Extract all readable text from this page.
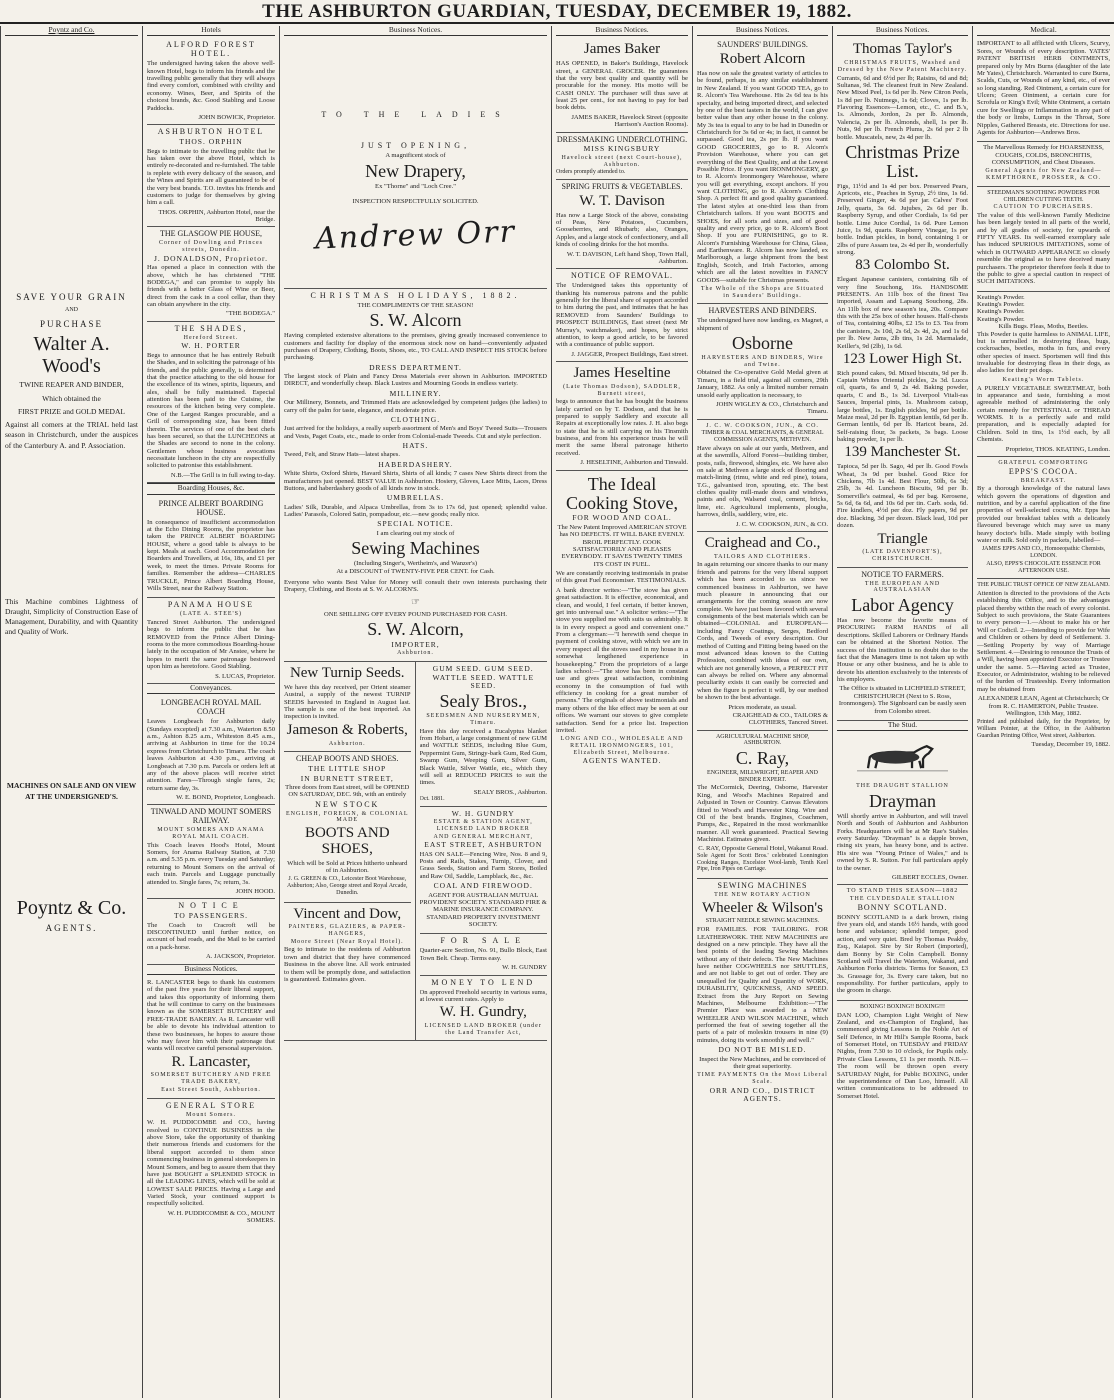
THE ASHBURTON GUARDIAN, TUESDAY, DECEMBER 19, 1882.
Poyntz and Co.
SAVE YOUR GRAIN
AND
PURCHASE
Walter A. Wood's
TWINE REAPER AND BINDER,
Which obtained the
FIRST PRIZE and GOLD MEDAL
Against all comers at the TRIAL held last season in Christchurch, under the auspices of the Canterbury A. and P. Association.
This Machine combines Lightness of Draught, Simplicity of Construction Ease of Management, Durability, and with Quantity and Quality of Work.
MACHINES ON SALE AND ON VIEW AT THE UNDERSIGNED'S.
Poyntz & Co.
AGENTS.
Hotels
ALFORD FOREST HOTEL.

The undersigned having taken the above well-known Hotel, begs to inform his friends and the travelling public generally that they will always find every comfort, combined with civility and economy. Wines, Beer, and Spirits of the choicest brands, &c. Good Stabling and Loose Paddocks.

JOHN BOWICK, Proprietor.
ASHBURTON HOTEL
THOS. ORPHIN

Begs to intimate to the travelling public that he has taken over the above Hotel, which is entirely re-decorated and re-furnished. The table is replete with every delicacy of the season, and the Wines and Spirits are all guaranteed to be of the very best brands. T.O. invites his friends and customers to judge for themselves by giving him a call.

THOS. ORPHIN, Ashburton Hotel, near the Bridge.
THE GLASGOW PIE HOUSE,
Corner of Dowling and Princes streets, Dunedin.
J. DONALDSON, Proprietor.

Has opened a place in connection with the above, which he has christened "THE BODEGA," and can promise to supply his friends with a better Glass of Wine or Beer, direct from the cask in a cool cellar, than they can obtain anywhere in the city.

"THE BODEGA."
THE SHADES,
Hereford Street.
W. H. PORTER

Begs to announce that he has entirely Rebuilt the Shades, and in soliciting the patronage of his friends, and the public generally, is determined that the practice attaching to the old house for the excellence of its wines, spirits, liqueurs, and ales, shall be fully maintained. Especial attention has been paid to the Cuisine, the resources of the kitchen being very complete. One of the Largest Ranges procurable, and a Grill of corresponding size, has been fitted therein. The services of one of the best chefs has been secured, so that the LUNCHEONS at the Shades are second to none in the colony. Gentlemen whose business avocations necessitate luncheon in the city are respectfully solicited to patronise this establishment.

N.B.—The Grill is in full swing to-day.
Boarding Houses, &c.
PRINCE ALBERT BOARDING HOUSE.

In consequence of insufficient accommodation at the Echo Dining Rooms, the proprietor has taken the PRINCE ALBERT BOARDING HOUSE, where a good table is always to be kept. Meals at each. Good Accommodation for Boarders and Travellers, at 16s, 18s, and £1 per week, to meet the times. Private Rooms for families. Remember the address—CHARLES TRUCKLE, Prince Albert Boarding House, Wills Street, near the Railway Station.

PANAMA HOUSE
(LATE A. STEE'S)

Tancred Street Ashburton. The undersigned begs to inform the public that he has REMOVED from the Prince Albert Dining-rooms to the more commodious Boarding-house lately in the occupation of Mr Anstee, where he hopes to merit the same patronage bestowed upon him as heretofore. Good Stabling.

S. LUCAS, Proprietor.
Conveyances.
LONGBEACH ROYAL MAIL COACH

Leaves Longbeach for Ashburton daily (Sundays excepted) at 7.30 a.m., Waterton 8.50 a.m., Ashton 8.25 a.m., Whiteston 8.45 a.m., arriving at Ashburton in time for the 10.24 express from Christchurch to Timaru. The coach leaves Ashburton at 4.30 p.m., arriving at Longbeach at 7.30 p.m. Parcels or orders left at any of the above places will receive strict attention. Fares—Through single fares, 2s; return same day, 3s.

W. E. BOND, Proprietor, Longbeach.
TINWALD AND MOUNT SOMERS RAILWAY.
MOUNT SOMERS AND ANAMA ROYAL MAIL COACH.

This Coach leaves Hood's Hotel, Mount Somers, for Anama Railway Station, at 7.30 a.m. and 5.35 p.m. every Tuesday and Saturday; returning to Mount Somers on the arrival of each train. Parcels and Luggage punctually attended to. Single fares, 7s; return, 3s.

JOHN HOOD.
NOTICE
TO PASSENGERS.

The Coach to Cracroft will be DISCONTINUED until further notice, on account of bad roads, and the Mail to be carried on a pack-horse.

A. JACKSON, Proprietor.
Business Notices.

R. LANCASTER begs to thank his customers of the past five years for their liberal support, and takes this opportunity of informing them that he will continue to carry on the businesses known as the SOMERSET BUTCHERY and FREE-TRADE BAKERY. As R. Lancaster will be able to devote his individual attention to these two businesses, he hopes to assure those who may favor him with their patronage that wants will receive careful personal supervision.

R. Lancaster,
SOMERSET BUTCHERY AND FREE TRADE BAKERY,
East Street South, Ashburton.
GENERAL STORE
Mount Somers.

W. H. PUDDICOMBE and CO., having resolved to CONTINUE BUSINESS in the above Store, take the opportunity of thanking their numerous friends and customers for the liberal support accorded to them since commencing business in general storekeepers in Mount Somers, and beg to assure them that they have just BOUGHT a SPLENDID STOCK in all the LEADING LINES, which will be sold at LOWEST SALE PRICES. Having a Large and Varied Stock, your continued support is respectfully solicited.

W. H. PUDDICOMBE & CO., MOUNT SOMERS.
Business Notices.
TO THE LADIES
JUST OPENING,
A magnificent stock of
New Drapery,
Ex "Thorne" and "Loch Cree."
INSPECTION RESPECTFULLY SOLICITED.
Andrew Orr
CHRISTMAS HOLIDAYS, 1882.
THE COMPLIMENTS OF THE SEASON!
S. W. Alcorn

Having completed extensive alterations to the premises, giving greatly increased convenience to customers and facility for display of the enormous stock now on hand—conveniently adjusted purchases of Drapery, Clothing, Boots, Shoes, etc., TO CALL AND INSPECT HIS STOCK before purchasing.

DRESS DEPARTMENT.

The largest stock of Plain and Fancy Dress Materials ever shown in Ashburton. IMPORTED DIRECT, and wonderfully cheap. Black Lustres and Mourning Goods in endless variety.

MILLINERY.

Our Millinery, Bonnets, and Trimmed Hats are acknowledged by competent judges (the ladies) to carry off the palm for taste, elegance, and moderate price.

CLOTHING.

Just arrived for the holidays, a really superb assortment of Men's and Boys' Tweed Suits—Trousers and Vests, Paget Coats, etc., made to order from Colonial-made Tweeds. Cut and style perfection.

HATS.

Tweed, Felt, and Straw Hats—latest shapes.

HABERDASHERY.

White Shirts, Oxford Shirts, Havard Shirts, Shirts of all kinds; 7 cases New Shirts direct from the manufacturers just opened. BEST VALUE in Ashburton. Hosiery, Gloves, Lace Mitts, Laces, Dress Buttons, and haberdashery goods of all kinds now in stock.

UMBRELLAS.

Ladies' Silk, Durable, and Alpaca Umbrellas, from 3s to 17s 6d, just opened; splendid value. Ladies' Parasols, Colored Satin, pompadour, etc.—new goods; really nice.

SPECIAL NOTICE.
I am clearing out my stock of
Sewing Machines
(Including Singer's, Wertheim's, and Wanzer's)
At a DISCOUNT of TWENTY-FIVE PER CENT. for Cash.

Everyone who wants Best Value for Money will consult their own interests purchasing their Drapery, Clothing, and Boots at S. W. ALCORN'S.

☞
ONE SHILLING OFF EVERY POUND PURCHASED FOR CASH.
S. W. Alcorn,
IMPORTER,
Ashburton.
New Turnip Seeds.

We have this day received, per Orient steamer Austral, a supply of the newest TURNIP SEEDS harvested in England in August last. The sample is one of the best imported. An inspection is invited.

Jameson & Roberts,
Ashburton.
CHEAP BOOTS AND SHOES.
THE LITTLE SHOP
IN BURNETT STREET,

Three doors from East street, will be OPENED ON SATURDAY, DEC. 9th, with an entirely

NEW STOCK
ENGLISH, FOREIGN, & COLONIAL MADE
BOOTS AND SHOES,

Which will be Sold at Prices hitherto unheard of in Ashburton.

J. G. GREEN & CO., Leicester Boot Warehouse, Ashburton; Also, George street and Royal Arcade, Dunedin.

Vincent and Dow,
PAINTERS, GLAZIERS, & PAPER-HANGERS,
Moore Street (Near Royal Hotel).

Beg to intimate to the residents of Ashburton town and district that they have commenced Business in the above line. All work entrusted to them will be promptly done, and satisfaction is guaranteed. Estimates given.

GUM SEED. GUM SEED. WATTLE SEED. WATTLE SEED.
Sealy Bros.,
SEEDSMEN AND NURSERYMEN, Timaru.

Have this day received a Eucalyptus blanket from Hobart, a large consignment of new GUM and WATTLE SEEDS, including Blue Gum, Peppermint Gum, Stringy-bark Gum, Red Gum, Swamp Gum, Weeping Gum, Silver Gum, Black Wattle, Silver Wattle, etc., which they will sell at REDUCED PRICES to suit the times.

SEALY BROS., Ashburton.
Oct. 1881.
W. H. GUNDRY
ESTATE & STATION AGENT, LICENSED LAND BROKER
AND GENERAL MERCHANT,
EAST STREET, ASHBURTON

HAS ON SALE—Fencing Wire, Nos. 8 and 9, Posts and Rails, Stakes, Turnip, Clover, and Grass Seeds, Station and Farm Stores, Boiled and Raw Oil, Saddle, Lampblack, &c., &c.

COAL AND FIREWOOD.

AGENT FOR AUSTRALIAN MUTUAL PROVIDENT SOCIETY. STANDARD FIRE & MARINE INSURANCE COMPANY. STANDARD PROPERTY INVESTMENT SOCIETY.

FOR SALE

Quarter-acre Section, No. 91, Bullo Block, East Town Belt. Cheap. Terms easy.

W. H. GUNDRY
MONEY TO LEND

On approved Freehold security in various sums, at lowest current rates. Apply to

W. H. Gundry,
LICENSED LAND BROKER (under the Land Transfer Act,
Business Notices.
James Baker

HAS OPENED, in Baker's Buildings, Havelock street, a GENERAL GROCER. He guarantees that the very best quality and quantity will be procurable for the money. His motto will be CASH ONLY. The purchaser will thus save at least 25 per cent., for not having to pay for bad book debts.

JAMES BAKER, Havelock Street (opposite Harrison's Auction Rooms).
DRESSMAKING UNDERCLOTHING.
MISS KINGSBURY
Havelock street (next Court-house), Ashburton.
Orders promptly attended to.
SPRING FRUITS & VEGETABLES.
W. T. Davison

Has now a Large Stock of the above, consisting of Peas, New Potatoes, Cucumbers, Gooseberries, and Rhubarb; also, Oranges, Apples, and a large stock of confectionery, and all kinds of cooling drinks for the hot months.

W. T. DAVISON, Left hand Shop, Town Hall, Ashburton.
NOTICE OF REMOVAL.

The Undersigned takes this opportunity of thanking his numerous patrons and the public generally for the liberal share of support accorded to him during the past, and intimates that he has REMOVED from Saunders' Buildings to PROSPECT BUILDINGS, East street (next Mr Murray's, watchmaker), and hopes, by strict attention, to keep a good article, to be favored with a continuance of public support.

J. JAGGER, Prospect Buildings, East street.
James Heseltine
(Late Thomas Dodson), SADDLER, Burnett street,

begs to announce that he has bought the business lately carried on by T. Dodson, and that he is prepared to supply Saddlery and execute all Repairs at exceptionally low rates. J. H. also begs to state that he is still carrying on his Tinsmith business, and from his experience trusts he will merit the same liberal patronage hitherto received.

J. HESELTINE, Ashburton and Tinwald.
The Ideal Cooking Stove,
FOR WOOD AND COAL.

The New Patent Improved AMERICAN STOVE has NO DEFECTS. IT WILL BAKE EVENLY. BROIL PERFECTLY. COOK SATISFACTORILY AND PLEASES EVERYBODY. IT SAVES TWENTY TIMES ITS COST IN FUEL.

We are constantly receiving testimonials in praise of this great Fuel Economiser. TESTIMONIALS.

A bank director writes:—"The stove has given great satisfaction. It is effective, economical, and clean, and would, I feel certain, if better known, get into universal use." A solicitor writes:—"The stove you supplied me with suits us admirably. It is in every respect a good and convenient one." From a clergyman:—"I herewith send cheque in payment of cooking stove, with which we are in every respect all the stoves used in my house in a somewhat lengthened experience in housekeeping." From the proprietors of a large ladies school:—"The stove has been in constant use and gives great satisfaction, combining economy in the consumption of fuel with efficiency in cooking for a great number of persons." The originals of above testimonials and many others of the like effect may be seen at our offices. We warrant our stoves to give complete satisfaction. Send for a price list. Inspection invited.

LONG AND CO., WHOLESALE AND RETAIL IRONMONGERS, 101, Elizabeth Street, Melbourne.
AGENTS WANTED.
Business Notices.
SAUNDERS' BUILDINGS.
Robert Alcorn

Has now on sale the greatest variety of articles to be found, perhaps, in any similar establishment in New Zealand. If you want GOOD TEA, go to R. Alcorn's Tea Warehouse. His 2s 6d tea is his specialty, and being imported direct, and selected by one of the best tasters in the world, I can give better value than any other house in the colony. My 3s tea is equal to any to be had in Dunedin or Christchurch for 3s 6d or 4s; in fact, it cannot be surpassed. Good tea, 2s per lb. If you want GOOD GROCERIES, go to R. Alcorn's Provision Warehouse, where you can get everything of the Best Quality, and at the Lowest Possible Price. If you want IRONMONGERY, go to R. Alcorn's Ironmongery Warehouse, where you will get everything, except anchors. If you want CLOTHING, go to R. Alcorn's Clothing Shop. A perfect fit and good quality guaranteed. The latest styles at one-third less than from Christchurch tailors. If you want BOOTS and SHOES, for all sorts and sizes, and of good quality and every price, go to R. Alcorn's Boot Shop. If you are FURNISHING, go to R. Alcorn's Furnishing Warehouse for China, Glass, and Earthenware. R. Alcorn has now landed, ex Marlborough, a large shipment from the best English, Scotch, and Irish Factories, among which are all the latest novelties in FANCY GOODS—suitable for Christmas presents.

The Whole of the Shops are Situated in Saunders' Buildings.
HARVESTERS AND BINDERS.

The undersigned have now landing, ex Magnet, a shipment of

Osborne
HARVESTERS AND BINDERS, Wire and Twine.

Obtained the Co-operative Gold Medal given at Timaru, in a field trial, against all comers, 29th January, 1882. As only a limited number remain unsold early application is necessary, to

JOHN WIGLEY & CO., Christchurch and Timaru.
J. C. W. COOKSON, JUN., & CO.
TIMBER & COAL MERCHANTS, & GENERAL COMMISSION AGENTS, METHVEN.

Have always on sale at our yards, Methven, and at the sawmills, Alford Forest—building timber, posts, rails, firewood, shingles, etc. We have also on sale at Methven a large stock of flooring and match-lining (rimu, white and red pine), totara, T.G., galvanised iron, spouting, etc. The best clothes quality mill-made doors and windows, paints and oils, Walsend coal, cement, bricks, lime, etc. Agricultural implements, ploughs, harrows, drills, saddlery, wire, etc.

J. C. W. COOKSON, JUN., & CO.
Craighead and Co.,
TAILORS AND CLOTHIERS.

In again returning our sincere thanks to our many friends and patrons for the very liberal support which has been accorded to us since we commenced business in Ashburton, we have much pleasure in announcing that our arrangements for the coming season are now complete. We have just been favored with several consignments of the best materials which can be obtained—COLONIAL and EUROPEAN—including Fancy Coatings, Serges, Bedford Cords, and Tweeds of every description. Our method of Cutting and Fitting being based on the most advanced ideas known to the Cutting Profession, combined with ideas of our own, which are not generally known, a PERFECT FIT can always be relied on. Where any abnormal peculiarity exists it can easily be corrected and when the figure is perfect it will, by our method be shown to the best advantage.

Prices moderate, as usual.
CRAIGHEAD & CO., TAILORS & CLOTHIERS, Tancred Street.
AGRICULTURAL MACHINE SHOP, ASHBURTON.
C. Ray,
ENGINEER, MILLWRIGHT, REAPER AND BINDER EXPERT.

The McCormick, Deering, Osborne, Harvester King, and Wood's Machines Repaired and Adjusted in Town or Country. Canvas Elevators fitted to Wood's and Harvester King. Wire and Oil of the best brands. Engines, Coachmen, Pumps, &c., Repaired in the most workmanlike manner. All work guaranteed. Practical Sewing Machinist. Estimates given.

C. RAY, Opposite General Hotel, Wakanui Road.

Sole Agent for Scott Bros.' celebrated Lonnington Cooking Ranges, Excelsior Wool-lamb, Tenth Keel Pipe, Iron Pipes on Carriage.

SEWING MACHINES
THE NEW ROTARY ACTION
Wheeler & Wilson's
STRAIGHT NEEDLE SEWING MACHINES.

FOR FAMILIES. FOR TAILORING. FOR LEATHERWORK. THE NEW MACHINES are designed on a new principle. They have all the best points of the leading Sewing Machines without any of their defects. The New Machines have neither COGWHEELS nor SHUTTLES, and are not liable to get out of order. They are unequalled for Quality and Quantity of WORK, DURABILITY, QUICKNESS, AND SPEED. Extract from the Jury Report on Sewing Machines, Melbourne Exhibition:—"The Premier Place was awarded to a NEW WHEELER AND WILSON MACHINE, which performed the feat of sewing together all the parts of a pair of moleskin trousers in nine (9) minutes, doing its work smoothly and well."

DO NOT BE MISLED.

Inspect the New Machines, and be convinced of their great superiority.

TIME PAYMENTS On the Most Liberal Scale.
ORR AND CO., DISTRICT AGENTS.
Business Notices.
Thomas Taylor's
CHRISTMAS FRUITS, Washed and Dressed by the New Patent Machinery.

Currants, 6d and 6½d per lb; Raisins, 6d and 8d; Sultanas, 9d. The cleanest fruit in New Zealand. New Mixed Peel, 1s 6d per lb. New Citron Peels, 1s 8d per lb. Nutmegs, 1s 6d; Cloves, 1s per lb. Flavoring Essences—Lemon, etc., C. and B.'s, 1s. Almonds, Jordon, 2s per lb. Almonds, Valencia, 2s per lb. Almonds, shell, 1s per lb. Nuts, 9d per lb. French Plums, 2s 6d per 2 lb bottle. Muscatels, new, 2s 4d per lb.

Christmas Prize List.

Figs, 11½d and 1s 4d per box. Preserved Pears, Apricots, etc., Peaches in Syrup, 2½ tins, 1s 6d. Preserved Ginger, 4s 6d per jar. Calves' Foot Jelly, quarts, 3s 6d. Jujubes, 2s 6d per lb. Raspberry Syrup, and other Cordials, 1s 6d per bottle. Lime Juice Cordial, 1s 6d. Pure Lemon Juice, 1s 9d, quarts. Raspberry Vinegar, 1s per bottle. Indian pickles, in bond, containing 1 or 2lbs of pure Assam tea, 2s 4d per lb, wonderfully strong.

83 Colombo St.

Elegant Japanese canisters, containing 6lb of very fine Souchong, 16s. HANDSOME PRESENTS. An 11lb box of the finest Tea imported, Assam and Lapsang Souchong, 28s. An 11lb box of new season's tea, 20s. Compare this with the 25s box of other houses. Half-chests of Tea, containing 40lbs, £2 15s to £3. Tea from the canisters, 2s 10d, 2s 6d, 2s 4d, 2s, and 1s 6d per lb. New Jams, 2lb tins, 1s 2d. Marmalade, Keiller's, 9d (2lb), 1s 6d.

123 Lower High St.

Rich pound cakes, 9d. Mixed biscuits, 9d per lb. Captain Whites Oriental pickles, 2s 3d. Lucca oil, quarts, 6s and 9, 2s 4d. Baking powder, quarts, C and B., 1s 3d. Liverpool Vitali-ras Sauces, Imperial pints, 1s. Mushroom catsup, large bottles, 1s. English pickles, 9d per bottle. Maize meal, 2d per lb. Egyptian lentils, 6d per lb. German lentils, 6d per lb. Haricot beans, 2d. Self-raising flour, 3s packets, 3s bags. Loose baking powder, 1s per lb.

139 Manchester St.

Tapioca, 5d per lb. Sago, 4d per lb. Good Fowls Wheat, 3s 9d per bushel. Good Rice for Chickens, 7lb 1s 4d. Best Flour, 50lb, 6s 3d; 25lb, 3s 4d. Luncheon Biscuits, 9d per lb. Somerville's oatmeal, 4s 6d per bag. Kerosene, 5s 6d, 6s 6d, and 10s 6d per tin. Carb. soda, 6d. Fire kindlers, 4½d per doz. Fly papers, 9d per doz. Blacking, 3d per dozen. Black lead, 10d per dozen.

Triangle
(LATE DAVENPORT'S), CHRISTCHURCH.
NOTICE TO FARMERS.
THE EUROPEAN AND AUSTRALASIAN
Labor Agency

Has now become the favorite means of PROCURING FARM HANDS of all descriptions. Skilled Laborers or Ordinary Hands can be obtained at the Shortest Notice. The success of this institution is no doubt due to the fact that the Managers time is not taken up with House or any other business, and he is able to devote his attention exclusively to the interests of his employers.

The Office is situated in LICHFIELD STREET, CHRISTCHURCH (Next to S. Ross, Ironmongers). The Signboard can be easily seen from Colombo street.

The Stud.
THE DRAUGHT STALLION
Drayman

Will shortly arrive in Ashburton, and will travel North and South of Ashburton and Ashburton Forks. Headquarters will be at Mr Rae's Stables every Saturday. "Drayman" is a dapple brown, rising six years, has heavy bone, and is active. His sire was "Young Prince of Wales," and is owned by S. R. Sutton. For full particulars apply to the owner.

GILBERT ECCLES, Owner.
TO STAND THIS SEASON—1882
THE CLYDESDALE STALLION
BONNY SCOTLAND.

BONNY SCOTLAND is a dark brown, rising five years old, and stands 16½ hands, with good bone and substance; splendid temper, good action, and very quiet. Bred by Thomas Peakby, Esq., Kaiapoi. Sire by Sir Robert (imported), dam Bonny by Sir Colin Campbell. Bonny Scotland will Travel the Waterton, Wakanui, and Ashburton Forks districts. Terms for Season, £3 3s. Grassage for, 3s. Every care taken, but no responsibility. For further particulars, apply to the groom in charge.

BOXING! BOXING!! BOXING!!!

DAN LOO, Champion Light Weight of New Zealand, and ex-Champion of England, has commenced giving Lessons in the Noble Art of Self Defence, in Mr Hill's Sample Rooms, back of Somerset Hotel, on TUESDAY and FRIDAY Nights, from 7.30 to 10 o'clock, for Pupils only. Private Class Lessons, £1 1s per month. N.B.—The room will be thrown open every SATURDAY Night, for Public BOXING, under the superintendence of Dan Loo, himself. All written communications to be addressed to Somerset Hotel.

Medical.

IMPORTANT to all afflicted with Ulcers, Scurvy, Sores, or Wounds of every description. YATES' PATENT BRITISH HERB OINTMENTS, prepared only by Mrs Burns (daughter of the late Mr Yates), Christchurch. Warranted to cure Burns, Scalds, Cuts, or Wounds of any kind, etc., of ever so long standing. Red Ointment, a certain cure for Ulcers; Green Ointment, a certain cure for Scrofula or King's Evil; White Ointment, a certain cure for Swellings or Inflammation in any part of the body or limbs, Lumps in the Throat, Sore Nipples, Gathered Breasts, etc. Directions for use. Agents for Ashburton—Andrews Bros.

The Marvellous Remedy for HOARSENESS, COUGHS, COLDS, BRONCHITIS, CONSUMPTION, and Chest Diseases.

General Agents for New Zealand—KEMPTHORNE, PROSSER, & CO.
STEEDMAN'S SOOTHING POWDERS FOR CHILDREN CUTTING TEETH.
CAUTION TO PURCHASERS.

The value of this well-known Family Medicine has been largely tested in all parts of the world, and by all grades of society, for upwards of FIFTY YEARS. Its well-earned exemplary sale has induced SPURIOUS IMITATIONS, some of which in OUTWARD APPEARANCE so closely resemble the original as to have deceived many purchasers. The proprietor therefore feels it due to the public to give a special caution in respect of SUCH IMITATIONS.

Keating's Powder.
Keating's Powder.
Keating's Powder.
Keating's Powder.
Kills Bugs. Fleas, Moths, Beetles.

This Powder is quite harmless to ANIMAL LIFE, but is unrivalled in destroying fleas, bugs, cockroaches, beetles, moths in furs, and every other species of insect. Sportsmen will find this invaluable for destroying fleas in their dogs, as also ladies for their pet dogs.

Keating's Worm Tablets.

A PURELY VEGETABLE SWEETMEAT, both in appearance and taste, furnishing a most agreeable method of administering the only certain remedy for INTESTINAL or THREAD WORMS. It is a perfectly safe and mild preparation, and is especially adapted for Children. Sold in tins, 1s 1½d each, by all Chemists.

Proprietor, THOS. KEATING, London.
GRATEFUL COMFORTING
EPPS'S COCOA.
BREAKFAST.

By a thorough knowledge of the natural laws which govern the operations of digestion and nutrition, and by a careful application of the fine properties of well-selected cocoa, Mr. Epps has provided our breakfast tables with a delicately flavoured beverage which may save us many heavy doctor's bills. Made simply with boiling water or milk. Sold only in packets, labelled—

JAMES EPPS AND CO., Homoeopathic Chemists, LONDON.
ALSO, EPPS'S CHOCOLATE ESSENCE FOR AFTERNOON USE.
THE PUBLIC TRUST OFFICE OF NEW ZEALAND.

Attention is directed to the provisions of the Acts establishing this Office, and to the advantages placed thereby within the reach of every colonist. Subject to such provisions, the State Guarantees to every person—1.—About to make his or her Will or Codicil. 2.—Intending to provide for Wife and Children or others by deed of Settlement. 3.—Settling Property by way of Marriage Settlement. 4.—Desiring to renounce the Trusts of a Will, having been appointed Executor or Trustee under the same. 5.—Having acted as Trustee, Executor, or Administrator, wishing to be relieved of the burden of Trusteeship. Every information may be obtained from

ALEXANDER LEAN, Agent at Christchurch; Or from R. C. HAMERTON, Public Trustee. Wellington, 13th May, 1882.

Printed and published daily, for the Proprietor, by William Pointer, at the Office, in the Ashburton Guardian Printing Office, West street, Ashburton.

Tuesday, December 19, 1882.
